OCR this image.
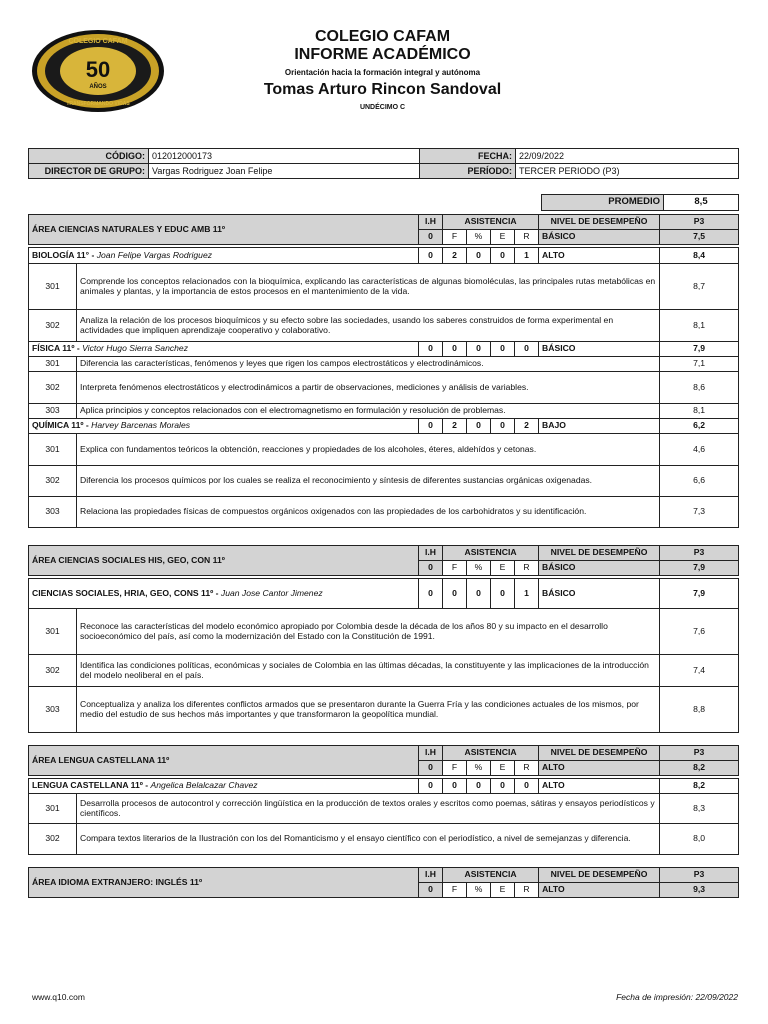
COLEGIO CAFAM
50
AÑOS
TRANSFORMANDO VIDAS
COLEGIO CAFAM
INFORME ACADÉMICO
Orientación hacia la formación integral y autónoma
Tomas Arturo Rincon Sandoval
UNDÉCIMO C
CÓDIGO:	012012000173	FECHA:	22/09/2022
DIRECTOR DE GRUPO:	Vargas Rodriguez Joan Felipe	PERÍODO:	TERCER PERIODO (P3)
PROMEDIO	8,5
ÁREA CIENCIAS NATURALES Y EDUC AMB 11º		I.H	ASISTENCIA				NIVEL DE DESEMPEÑO	P3
		0	F	%	E	R	BÁSICO	7,5

BIOLOGÍA 11° - Joan Felipe Vargas Rodriguez		0	2	0	0	1	ALTO	8,4
301	Comprende los conceptos relacionados con la bioquímica, explicando las características de algunas biomoléculas, las principales rutas metabólicas en animales y plantas, y la importancia de estos procesos en el mantenimiento de la vida.							8,7
302	Analiza la relación de los procesos bioquímicos y su efecto sobre las sociedades, usando los saberes construidos de forma experimental en actividades que impliquen aprendizaje cooperativo y colaborativo.							8,1
FÍSICA 11º - Victor Hugo Sierra Sanchez		0	0	0	0	0	BÁSICO	7,9
301	Diferencia las características, fenómenos y leyes que rigen los campos electrostáticos y electrodinámicos.							7,1
302	Interpreta fenómenos electrostáticos y electrodinámicos a partir de observaciones, mediciones y análisis de variables.							8,6
303	Aplica principios y conceptos relacionados con el electromagnetismo en formulación y resolución de problemas.							8,1
QUÍMICA 11º - Harvey Barcenas Morales		0	2	0	0	2	BAJO	6,2
301	Explica con fundamentos teóricos la obtención, reacciones y propiedades de los alcoholes, éteres, aldehídos y cetonas.							4,6
302	Diferencia los procesos químicos por los cuales se realiza el reconocimiento y síntesis de diferentes sustancias orgánicas oxigenadas.							6,6
303	Relaciona las propiedades físicas de compuestos orgánicos oxigenados con las propiedades de los carbohidratos y su identificación.							7,3
ÁREA CIENCIAS SOCIALES HIS, GEO, CON 11º		I.H	ASISTENCIA				NIVEL DE DESEMPEÑO	P3
		0	F	%	E	R	BÁSICO	7,9

CIENCIAS SOCIALES, HRIA, GEO, CONS 11º - Juan Jose Cantor Jimenez		0	0	0	0	1	BÁSICO	7,9
301	Reconoce las características del modelo económico apropiado por Colombia desde la década de los años 80 y su impacto en el desarrollo socioeconómico del país, así como la modernización del Estado con la Constitución de 1991.							7,6
302	Identifica las condiciones políticas, económicas y sociales de Colombia en las últimas décadas, la constituyente y las implicaciones de la introducción del modelo neoliberal en el país.							7,4
303	Conceptualiza y analiza los diferentes conflictos armados que se presentaron durante la Guerra Fría y las condiciones actuales de los mismos, por medio del estudio de sus hechos más importantes y que transformaron la geopolítica mundial.							8,8
ÁREA LENGUA CASTELLANA 11º		I.H	ASISTENCIA				NIVEL DE DESEMPEÑO	P3
		0	F	%	E	R	ALTO	8,2

LENGUA CASTELLANA 11º - Angelica Belalcazar Chavez		0	0	0	0	0	ALTO	8,2
301	Desarrolla procesos de autocontrol y corrección lingüística en la producción de textos orales y escritos como poemas, sátiras y ensayos periodísticos y científicos.							8,3
302	Compara textos literarios de la Ilustración con los del Romanticismo y el ensayo científico con el periodístico, a nivel de semejanzas y diferencia.							8,0
ÁREA IDIOMA EXTRANJERO: INGLÉS 11º	I.H	ASISTENCIA				NIVEL DE DESEMPEÑO	P3
	0	F	%	E	R	ALTO	9,3
www.q10.com	Fecha de impresión: 22/09/2022
